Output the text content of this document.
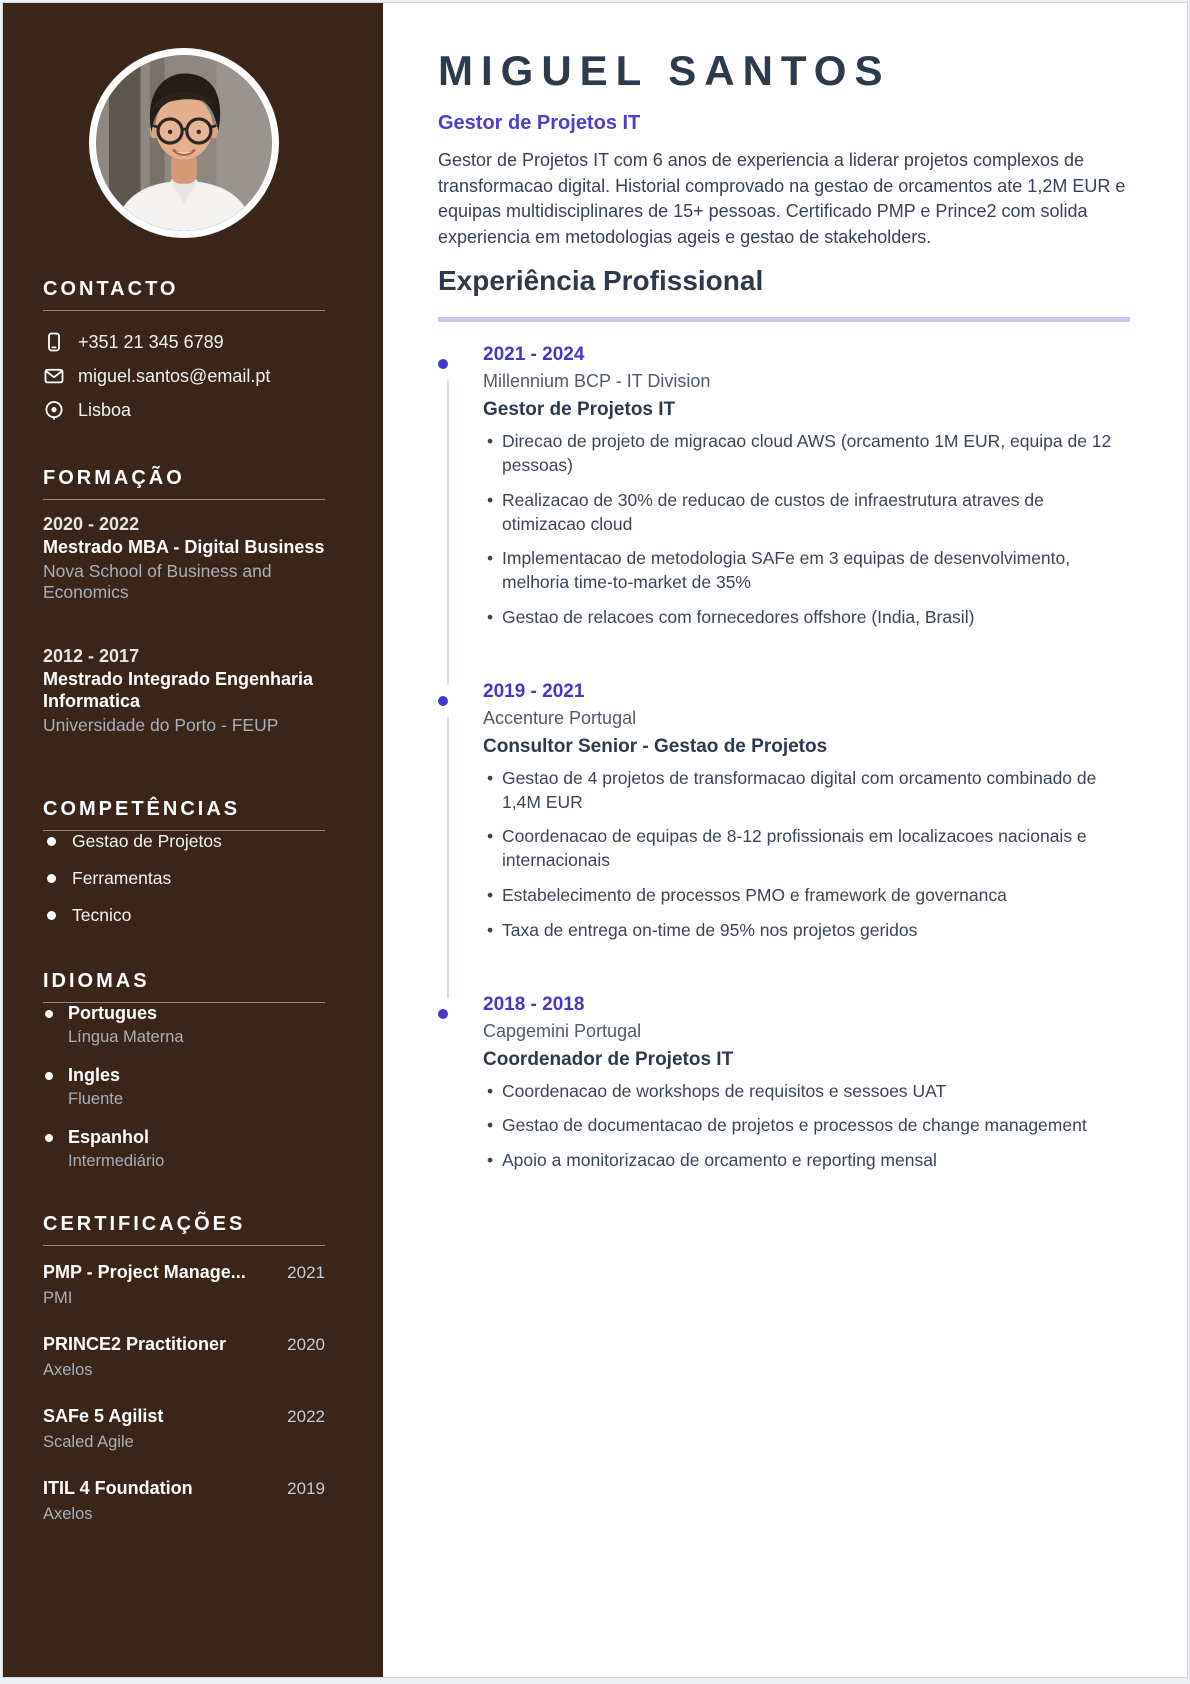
CONTACTO
+351 21 345 6789
miguel.santos@email.pt
Lisboa
FORMAÇÃO
2020 - 2022
Mestrado MBA - Digital Business
Nova School of Business and Economics
2012 - 2017
Mestrado Integrado Engenharia Informatica
Universidade do Porto - FEUP
COMPETÊNCIAS
Gestao de Projetos
Ferramentas
Tecnico
IDIOMAS
Portugues
Língua Materna
Ingles
Fluente
Espanhol
Intermediário
CERTIFICAÇÕES
PMP - Project Manage...	2021
PMI
PRINCE2 Practitioner	2020
Axelos
SAFe 5 Agilist	2022
Scaled Agile
ITIL 4 Foundation	2019
Axelos
MIGUEL SANTOS
Gestor de Projetos IT

Gestor de Projetos IT com 6 anos de experiencia a liderar projetos complexos de transformacao digital. Historial comprovado na gestao de orcamentos ate 1,2M EUR e equipas multidisciplinares de 15+ pessoas. Certificado PMP e Prince2 com solida experiencia em metodologias ageis e gestao de stakeholders.

Experiência Profissional
2021 - 2024
Millennium BCP - IT Division
Gestor de Projetos IT
• Direcao de projeto de migracao cloud AWS (orcamento 1M EUR, equipa de 12 pessoas)
• Realizacao de 30% de reducao de custos de infraestrutura atraves de otimizacao cloud
• Implementacao de metodologia SAFe em 3 equipas de desenvolvimento, melhoria time-to-market de 35%
• Gestao de relacoes com fornecedores offshore (India, Brasil)
2019 - 2021
Accenture Portugal
Consultor Senior - Gestao de Projetos
• Gestao de 4 projetos de transformacao digital com orcamento combinado de 1,4M EUR
• Coordenacao de equipas de 8-12 profissionais em localizacoes nacionais e internacionais
• Estabelecimento de processos PMO e framework de governanca
• Taxa de entrega on-time de 95% nos projetos geridos
2018 - 2018
Capgemini Portugal
Coordenador de Projetos IT
• Coordenacao de workshops de requisitos e sessoes UAT
• Gestao de documentacao de projetos e processos de change management
• Apoio a monitorizacao de orcamento e reporting mensal
